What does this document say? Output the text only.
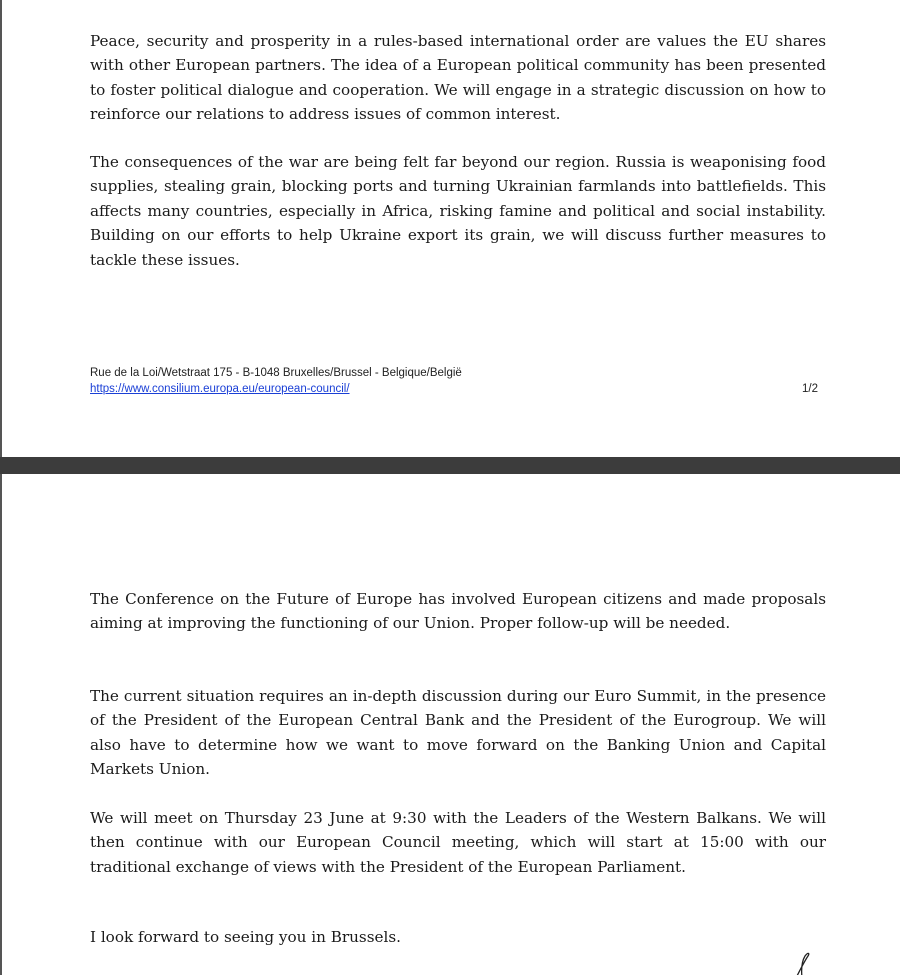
Peace, security and prosperity in a rules-based international order are values the EU shares with other European partners. The idea of a European political community has been presented to foster political dialogue and cooperation. We will engage in a strategic discussion on how to reinforce our relations to address issues of common interest.

The consequences of the war are being felt far beyond our region. Russia is weaponising food supplies, stealing grain, blocking ports and turning Ukrainian farmlands into battlefields. This affects many countries, especially in Africa, risking famine and political and social instability. Building on our efforts to help Ukraine export its grain, we will discuss further measures to tackle these issues.

Rue de la Loi/Wetstraat 175 - B-1048 Bruxelles/Brussel - Belgique/België
https://www.consilium.europa.eu/european-council/	1/2

The Conference on the Future of Europe has involved European citizens and made proposals aiming at improving the functioning of our Union. Proper follow-up will be needed.

The current situation requires an in-depth discussion during our Euro Summit, in the presence of the President of the European Central Bank and the President of the Eurogroup. We will also have to determine how we want to move forward on the Banking Union and Capital Markets Union.

We will meet on Thursday 23 June at 9:30 with the Leaders of the Western Balkans. We will then continue with our European Council meeting, which will start at 15:00 with our traditional exchange of views with the President of the European Parliament.

I look forward to seeing you in Brussels.
